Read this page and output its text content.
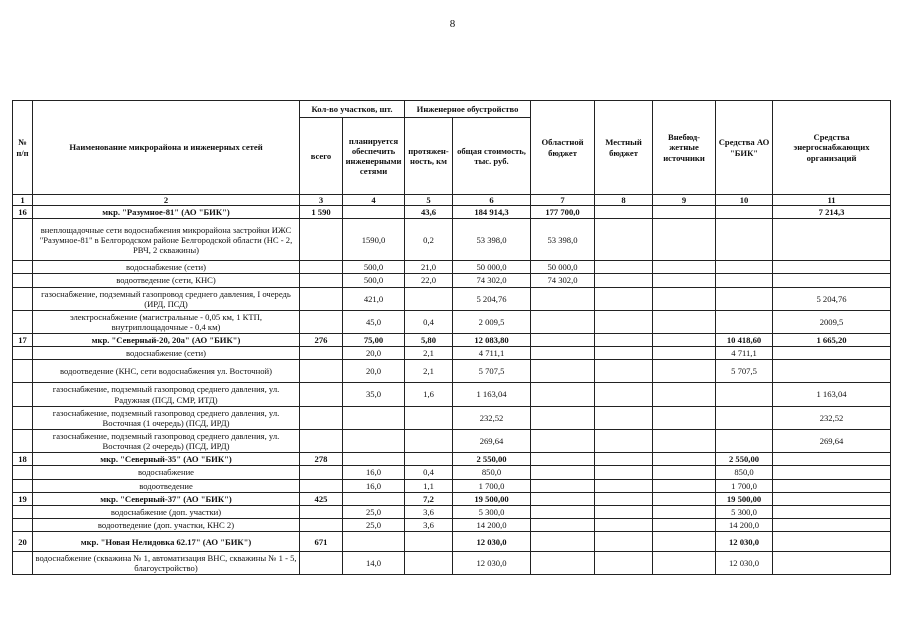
8
№ п/п	Наименование микрорайона и инженерных сетей	Кол-во участков, шт.		Инженерное обустройство		Областной бюджет	Местный бюджет	Внебюд-жетные источники	Средства АО "БИК"	Средства энергоснабжающих организаций
		всего	планируется обеспечить инженерными сетями	протяжен-ность, км	общая стоимость, тыс. руб.					
1	2	3	4	5	6	7	8	9	10	11
16	мкр. "Разумное-81" (АО "БИК")	1 590		43,6	184 914,3	177 700,0				7 214,3
	внеплощадочные сети водоснабжения микрорайона застройки ИЖС "Разумное-81" в Белгородском районе Белгородской области (НС - 2, РВЧ, 2 скважины)		1590,0	0,2	53 398,0	53 398,0				
	водоснабжение (сети)		500,0	21,0	50 000,0	50 000,0				
	водоотведение (сети, КНС)		500,0	22,0	74 302,0	74 302,0				
	газоснабжение, подземный газопровод среднего давления, I очередь (ИРД, ПСД)		421,0		5 204,76					5 204,76
	электроснабжение (магистральные - 0,05 км, 1 КТП, внутриплощадочные - 0,4 км)		45,0	0,4	2 009,5					2009,5
17	мкр. "Северный-20, 20а" (АО "БИК")	276	75,00	5,80	12 083,80				10 418,60	1 665,20
	водоснабжение (сети)		20,0	2,1	4 711,1				4 711,1	
	водоотведение (КНС, сети водоснабжения ул. Восточной)		20,0	2,1	5 707,5				5 707,5	
	газоснабжение, подземный газопровод среднего давления, ул. Радужная (ПСД, СМР, ИТД)		35,0	1,6	1 163,04					1 163,04
	газоснабжение, подземный газопровод среднего давления, ул. Восточная (1 очередь) (ПСД, ИРД)				232,52					232,52
	газоснабжение, подземный газопровод среднего давления, ул. Восточная (2 очередь) (ПСД, ИРД)				269,64					269,64
18	мкр. "Северный-35" (АО "БИК")	278			2 550,00				2 550,00	
	водоснабжение		16,0	0,4	850,0				850,0	
	водоотведение		16,0	1,1	1 700,0				1 700,0	
19	мкр. "Северный-37" (АО "БИК")	425		7,2	19 500,00				19 500,00	
	водоснабжение (доп. участки)		25,0	3,6	5 300,0				5 300,0	
	водоотведение (доп. участки, КНС 2)		25,0	3,6	14 200,0				14 200,0	
20	мкр. "Новая Нелидовка 62.17" (АО "БИК")	671			12 030,0				12 030,0	
	водоснабжение (скважина № 1, автоматизация ВНС, скважины № 1 - 5, благоустройство)		14,0		12 030,0				12 030,0	
